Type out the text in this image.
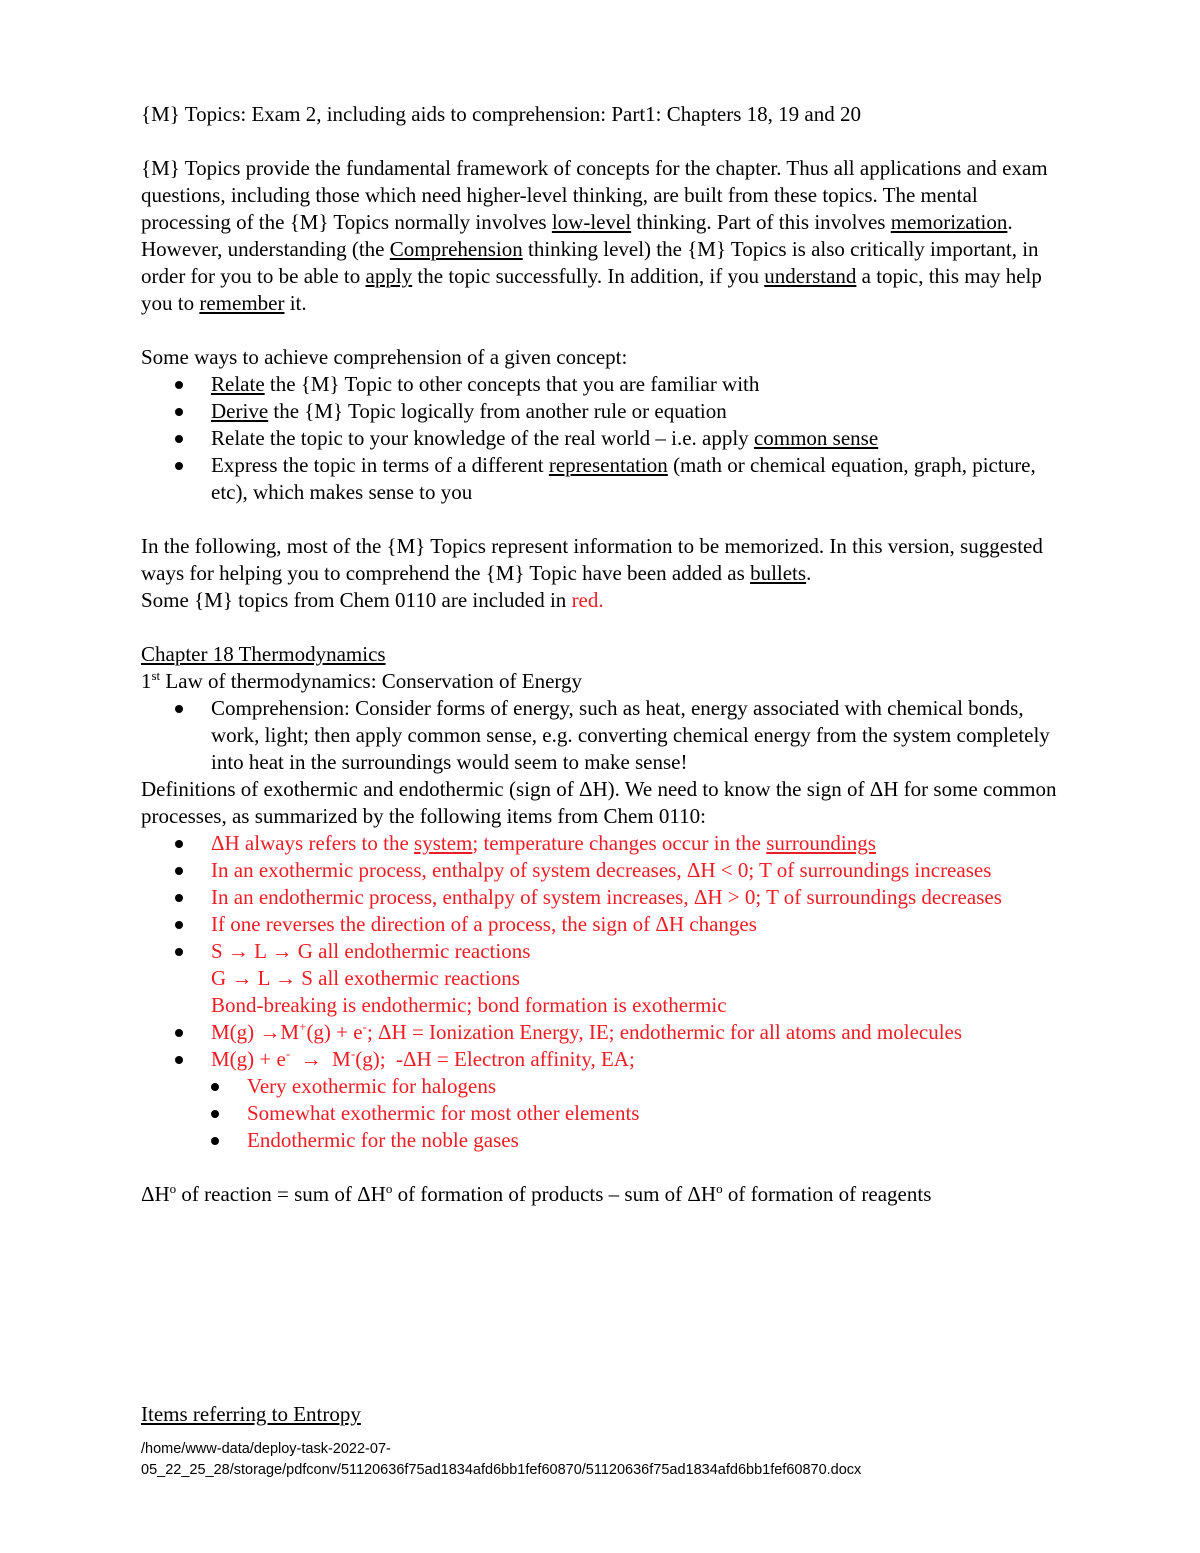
{M} Topics: Exam 2, including aids to comprehension: Part1: Chapters 18, 19 and 20

{M} Topics provide the fundamental framework of concepts for the chapter. Thus all applications and exam questions, including those which need higher-level thinking, are built from these topics. The mental processing of the {M} Topics normally involves low-level thinking. Part of this involves memorization. However, understanding (the Comprehension thinking level) the {M} Topics is also critically important, in order for you to be able to apply the topic successfully. In addition, if you understand a topic, this may help you to remember it.

Some ways to achieve comprehension of a given concept:

Relate the {M} Topic to other concepts that you are familiar with
Derive the {M} Topic logically from another rule or equation
Relate the topic to your knowledge of the real world – i.e. apply common sense
Express the topic in terms of a different representation (math or chemical equation, graph, picture, etc), which makes sense to you

In the following, most of the {M} Topics represent information to be memorized. In this version, suggested ways for helping you to comprehend the {M} Topic have been added as bullets.

Some {M} topics from Chem 0110 are included in red.

Chapter 18 Thermodynamics

1st Law of thermodynamics: Conservation of Energy

Comprehension: Consider forms of energy, such as heat, energy associated with chemical bonds, work, light; then apply common sense, e.g. converting chemical energy from the system completely into heat in the surroundings would seem to make sense!

Definitions of exothermic and endothermic (sign of ΔH). We need to know the sign of ΔH for some common processes, as summarized by the following items from Chem 0110:

ΔH always refers to the system; temperature changes occur in the surroundings
In an exothermic process, enthalpy of system decreases, ΔH < 0; T of surroundings increases
In an endothermic process, enthalpy of system increases, ΔH > 0; T of surroundings decreases
If one reverses the direction of a process, the sign of ΔH changes
S → L → G all endothermic reactions

G → L → S all exothermic reactions

Bond-breaking is endothermic; bond formation is exothermic

M(g) →M+(g) + e-; ΔH = Ionization Energy, IE; endothermic for all atoms and molecules
M(g) + e-  →  M-(g);  -ΔH = Electron affinity, EA;
Very exothermic for halogens
Somewhat exothermic for most other elements
Endothermic for the noble gases

$\Delta H^o$ of reaction = sum of $\Delta H^o$ of formation of products – sum of $\Delta H^o$ of formation of reagents

Items referring to Entropy

/home/www-data/deploy-task-2022-07-05_22_25_28/storage/pdfconv/51120636f75ad1834afd6bb1fef60870/51120636f75ad1834afd6bb1fef60870.docx
